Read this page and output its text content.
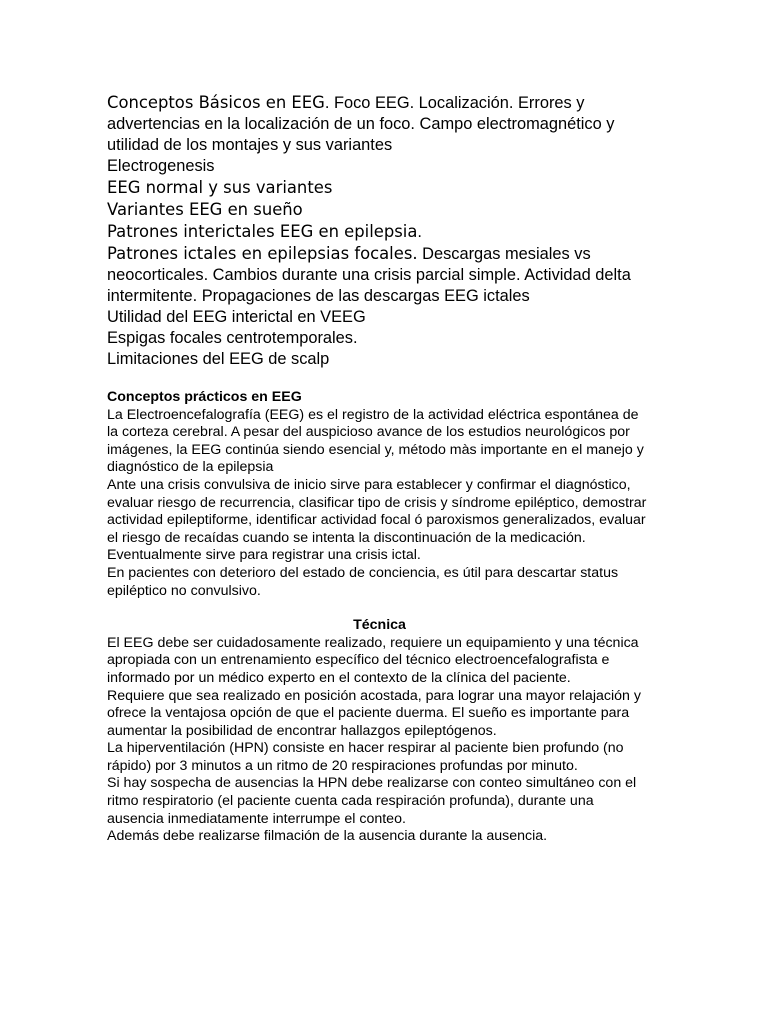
Conceptos Básicos en EEG. Foco EEG. Localización. Errores y advertencias en la localización de un foco. Campo electromagnético y utilidad de los montajes y sus variantes

Electrogenesis

EEG normal y sus variantes

Variantes EEG en sueño

Patrones interictales EEG en epilepsia.

Patrones ictales en epilepsias focales. Descargas mesiales vs neocorticales. Cambios durante una crisis parcial simple. Actividad delta intermitente. Propagaciones de las descargas EEG ictales

Utilidad del EEG interictal en VEEG

Espigas focales centrotemporales.

Limitaciones del EEG de scalp

Conceptos prácticos en EEG

La Electroencefalografía (EEG) es el registro de la actividad eléctrica espontánea de la corteza cerebral. A pesar del auspicioso avance de los estudios neurológicos por imágenes, la EEG continúa siendo esencial y, método màs importante en el manejo y diagnóstico de la epilepsia

Ante una crisis convulsiva de inicio sirve para establecer y confirmar el diagnóstico, evaluar riesgo de recurrencia, clasificar tipo de crisis y síndrome epiléptico, demostrar actividad epileptiforme, identificar actividad focal ó paroxismos generalizados, evaluar el riesgo de recaídas cuando se intenta la discontinuación de la medicación.

Eventualmente sirve para registrar una crisis ictal.

En pacientes con deterioro del estado de conciencia, es útil para descartar status epiléptico no convulsivo.

Técnica

El EEG debe ser cuidadosamente realizado, requiere un equipamiento y una técnica apropiada con un entrenamiento específico del técnico electroencefalografista e informado por un médico experto en el contexto de la clínica del paciente.

Requiere que sea realizado en posición acostada, para lograr una mayor relajación y ofrece la ventajosa opción de que el paciente duerma. El sueño es importante para aumentar la posibilidad de encontrar hallazgos epileptógenos.

La hiperventilación (HPN) consiste en hacer respirar al paciente bien profundo (no rápido) por 3 minutos a un ritmo de 20 respiraciones profundas por minuto.

Si hay sospecha de ausencias la HPN debe realizarse con conteo simultáneo con el ritmo respiratorio (el paciente cuenta cada respiración profunda), durante una ausencia inmediatamente interrumpe el conteo.

Además debe realizarse filmación de la ausencia durante la ausencia.
